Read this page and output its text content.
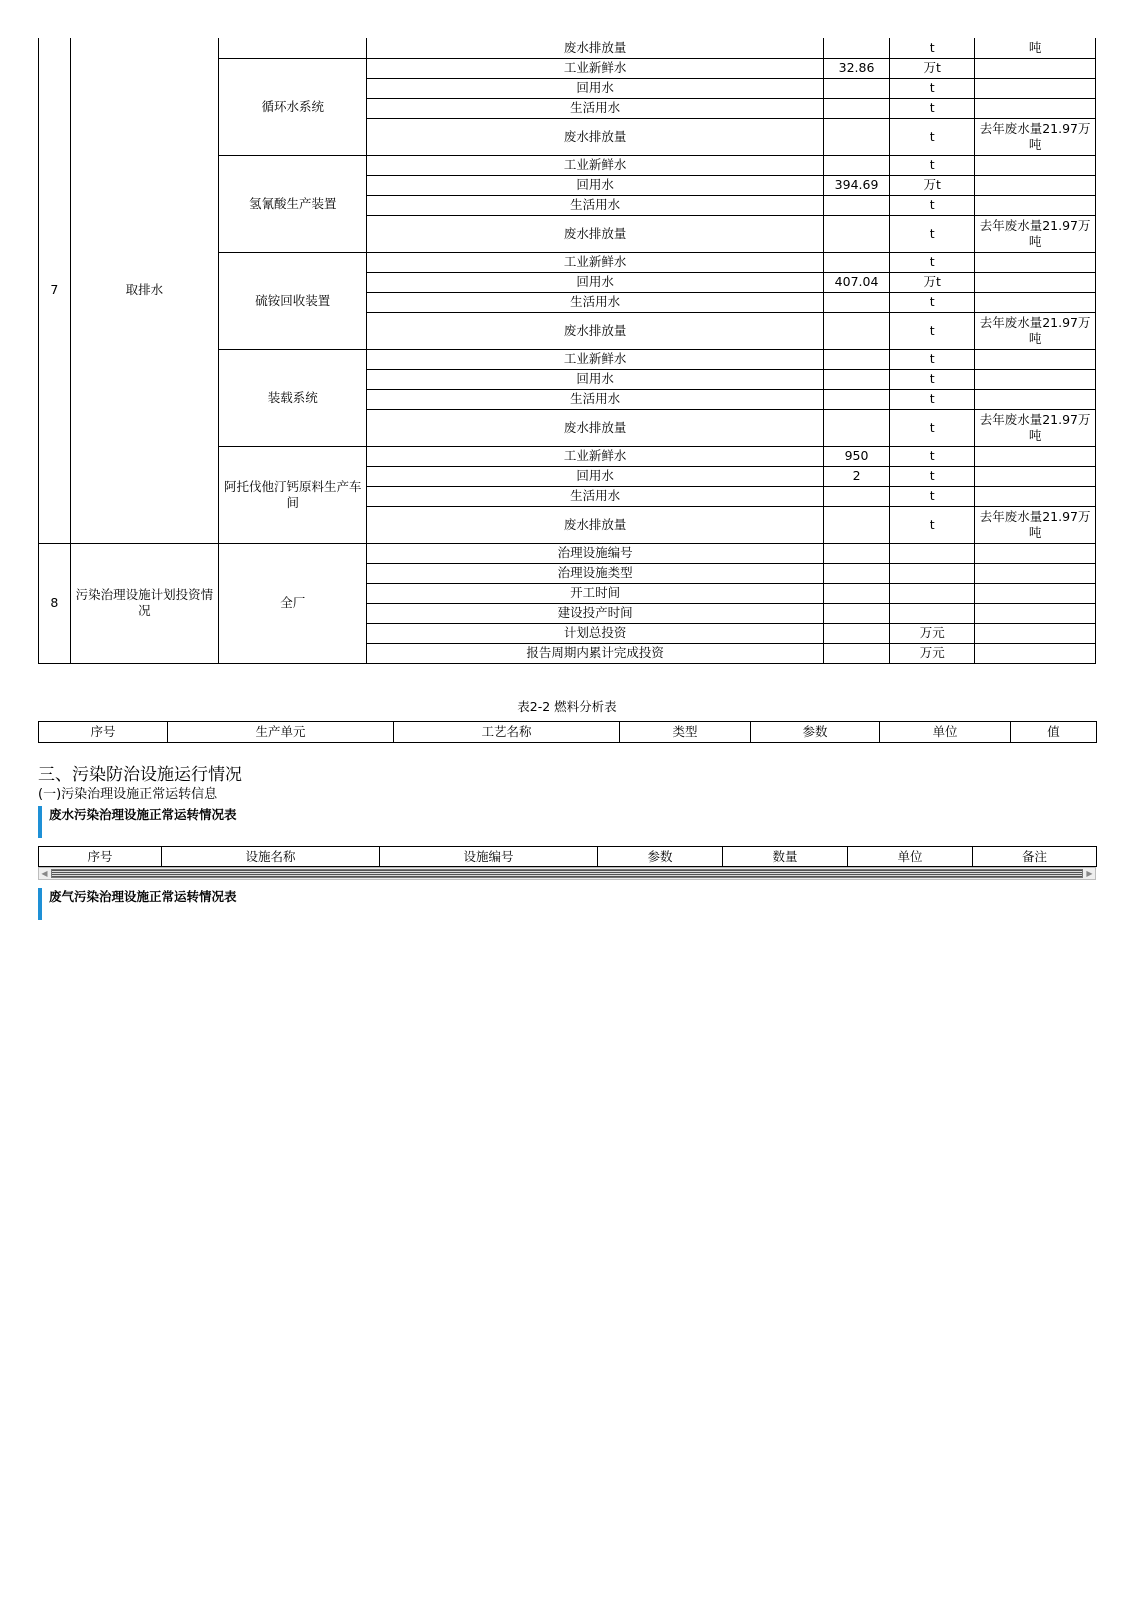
7	取排水		废水排放量		t	吨
		循环水系统	工业新鲜水	32.86	万t	
			回用水		t	
			生活用水		t	
			废水排放量		t	去年废水量21.97万吨
		氢氰酸生产装置	工业新鲜水		t	
			回用水	394.69	万t	
			生活用水		t	
			废水排放量		t	去年废水量21.97万吨
		硫铵回收装置	工业新鲜水		t	
			回用水	407.04	万t	
			生活用水		t	
			废水排放量		t	去年废水量21.97万吨
		装载系统	工业新鲜水		t	
			回用水		t	
			生活用水		t	
			废水排放量		t	去年废水量21.97万吨
		阿托伐他汀钙原料生产车间	工业新鲜水	950	t	
			回用水	2	t	
			生活用水		t	
			废水排放量		t	去年废水量21.97万吨
8	污染治理设施计划投资情况	全厂	治理设施编号			
			治理设施类型			
			开工时间			
			建设投产时间			
			计划总投资		万元	
			报告周期内累计完成投资		万元	
表2-2 燃料分析表
序号	生产单元	工艺名称	类型	参数	单位	值
三、污染防治设施运行情况
(一)污染治理设施正常运转信息
废水污染治理设施正常运转情况表
序号	设施名称	设施编号	参数	数量	单位	备注
◀	▶
废气污染治理设施正常运转情况表
